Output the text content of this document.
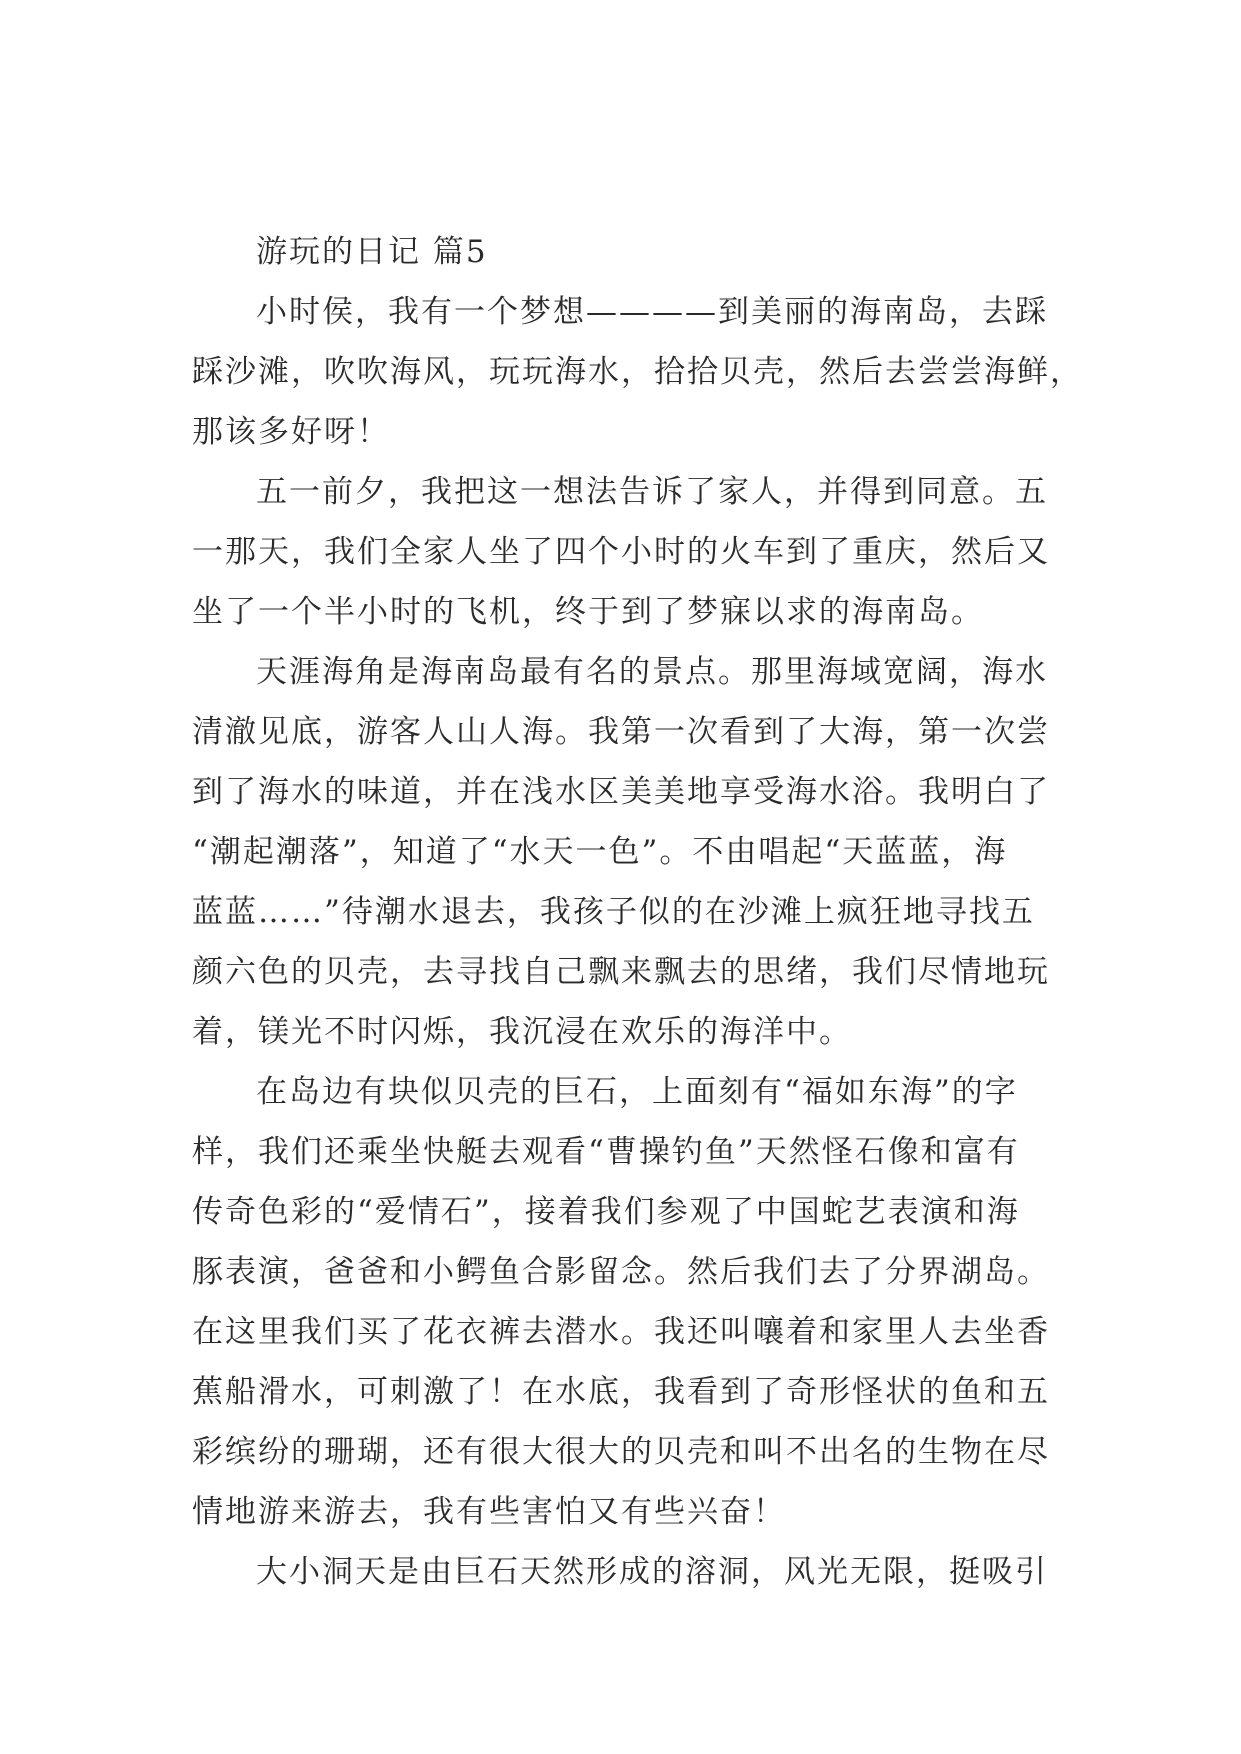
游玩的日记 篇5
小时侯，我有一个梦想————到美丽的海南岛，去踩
踩沙滩，吹吹海风，玩玩海水，拾拾贝壳，然后去尝尝海鲜，
那该多好呀！
五一前夕，我把这一想法告诉了家人，并得到同意。五
一那天，我们全家人坐了四个小时的火车到了重庆，然后又
坐了一个半小时的飞机，终于到了梦寐以求的海南岛。
天涯海角是海南岛最有名的景点。那里海域宽阔，海水
清澈见底，游客人山人海。我第一次看到了大海，第一次尝
到了海水的味道，并在浅水区美美地享受海水浴。我明白了
“潮起潮落”，知道了“水天一色”。不由唱起“天蓝蓝，海
蓝蓝……”待潮水退去，我孩子似的在沙滩上疯狂地寻找五
颜六色的贝壳，去寻找自己飘来飘去的思绪，我们尽情地玩
着，镁光不时闪烁，我沉浸在欢乐的海洋中。
在岛边有块似贝壳的巨石，上面刻有“福如东海”的字
样，我们还乘坐快艇去观看“曹操钓鱼”天然怪石像和富有
传奇色彩的“爱情石”，接着我们参观了中国蛇艺表演和海
豚表演，爸爸和小鳄鱼合影留念。然后我们去了分界湖岛。
在这里我们买了花衣裤去潜水。我还叫嚷着和家里人去坐香
蕉船滑水，可刺激了！在水底，我看到了奇形怪状的鱼和五
彩缤纷的珊瑚，还有很大很大的贝壳和叫不出名的生物在尽
情地游来游去，我有些害怕又有些兴奋！
大小洞天是由巨石天然形成的溶洞，风光无限，挺吸引
